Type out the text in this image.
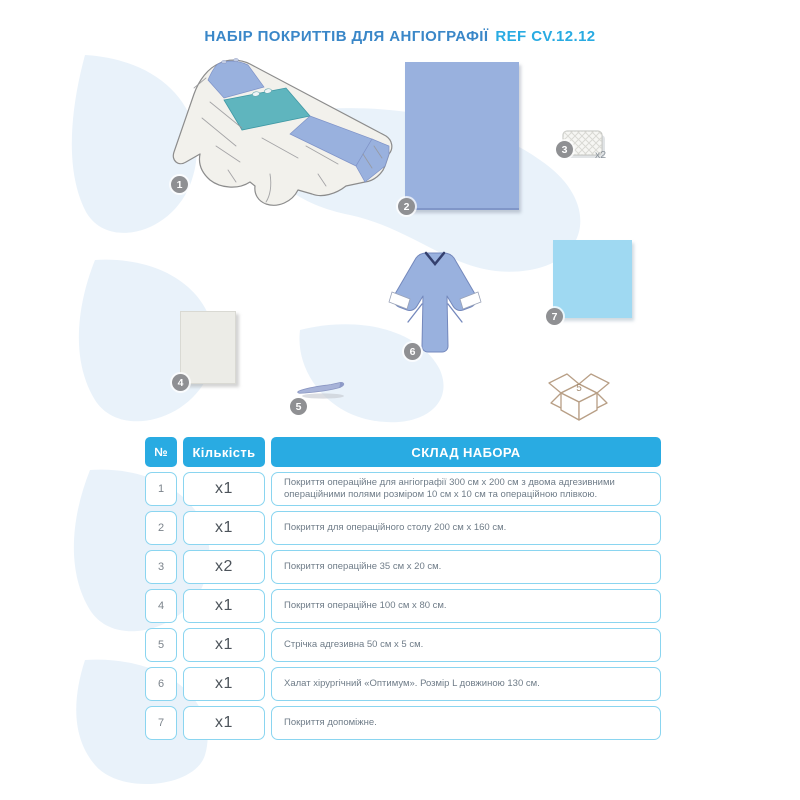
НАБІР ПОКРИТТІВ ДЛЯ АНГІОГРАФІЇ REF CV.12.12
5
1
2
3
4
5
6
7
x2
№	Кількість	СКЛАД НАБОРА
1	x1	Покриття операційне для ангіографії 300 см х 200 см з двома адгезивними операційними полями розміром 10 см х 10 см та операційною плівкою.
2	x1	Покриття для операційного столу 200 см х 160 см.
3	x2	Покриття операційне 35 см х 20 см.
4	x1	Покриття операційне 100 см х 80 см.
5	x1	Стрічка адгезивна 50 см х 5 см.
6	x1	Халат хірургічний «Оптимум». Розмір L довжиною 130 см.
7	x1	Покриття допоміжне.
